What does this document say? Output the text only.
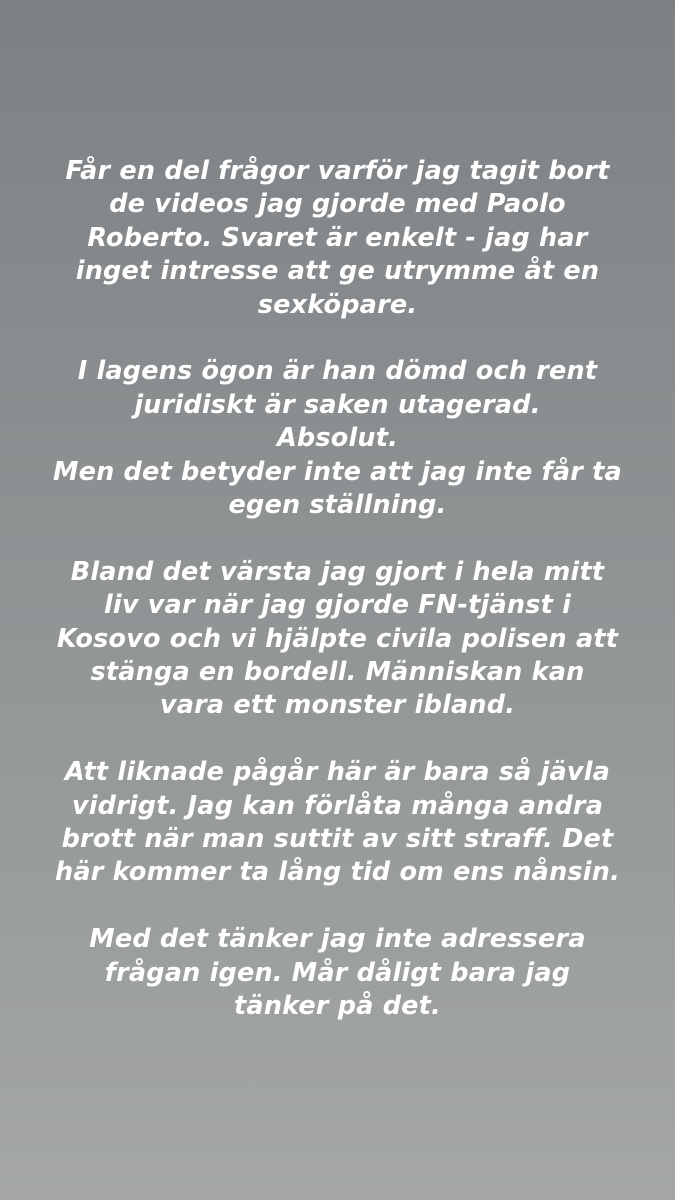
Får en del frågor varför jag tagit bort
de videos jag gjorde med Paolo
Roberto. Svaret är enkelt - jag har
inget intresse att ge utrymme åt en
sexköpare.

I lagens ögon är han dömd och rent
juridiskt är saken utagerad.
Absolut.
Men det betyder inte att jag inte får ta
egen ställning.

Bland det värsta jag gjort i hela mitt
liv var när jag gjorde FN-tjänst i
Kosovo och vi hjälpte civila polisen att
stänga en bordell. Människan kan
vara ett monster ibland.

Att liknade pågår här är bara så jävla
vidrigt. Jag kan förlåta många andra
brott när man suttit av sitt straff. Det
här kommer ta lång tid om ens nånsin.

Med det tänker jag inte adressera
frågan igen. Mår dåligt bara jag
tänker på det.
